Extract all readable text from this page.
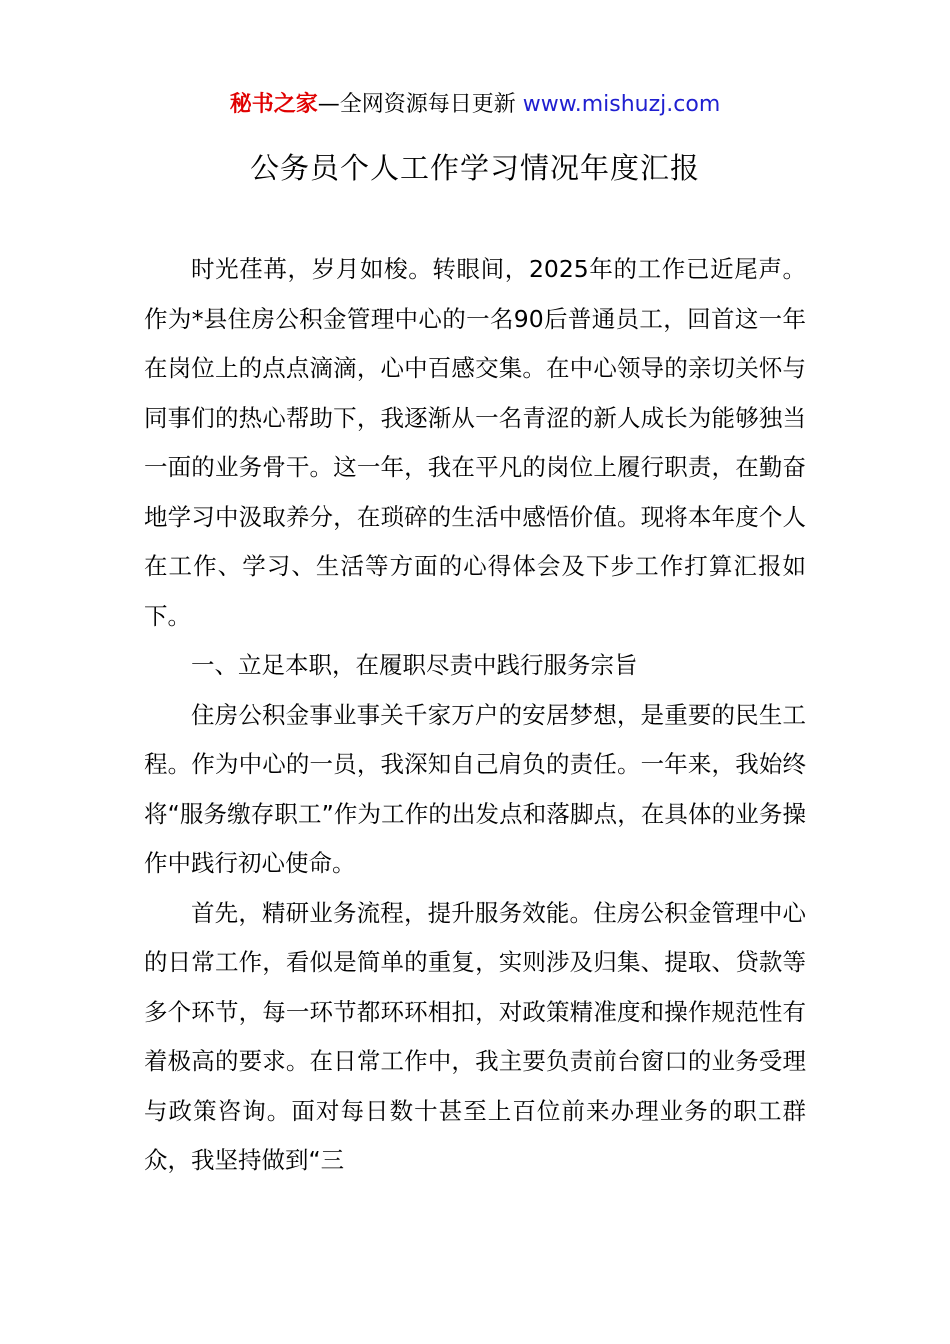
秘书之家—全网资源每日更新 www.mishuzj.com
公务员个人工作学习情况年度汇报

时光荏苒，岁月如梭。转眼间，2025年的工作已近尾声。作为*县住房公积金管理中心的一名90后普通员工，回首这一年在岗位上的点点滴滴，心中百感交集。在中心领导的亲切关怀与同事们的热心帮助下，我逐渐从一名青涩的新人成长为能够独当一面的业务骨干。这一年，我在平凡的岗位上履行职责，在勤奋地学习中汲取养分，在琐碎的生活中感悟价值。现将本年度个人在工作、学习、生活等方面的心得体会及下步工作打算汇报如下。

一、立足本职，在履职尽责中践行服务宗旨

住房公积金事业事关千家万户的安居梦想，是重要的民生工程。作为中心的一员，我深知自己肩负的责任。一年来，我始终将“服务缴存职工”作为工作的出发点和落脚点，在具体的业务操作中践行初心使命。

首先，精研业务流程，提升服务效能。住房公积金管理中心的日常工作，看似是简单的重复，实则涉及归集、提取、贷款等多个环节，每一环节都环环相扣，对政策精准度和操作规范性有着极高的要求。在日常工作中，我主要负责前台窗口的业务受理与政策咨询。面对每日数十甚至上百位前来办理业务的职工群众，我坚持做到“三
